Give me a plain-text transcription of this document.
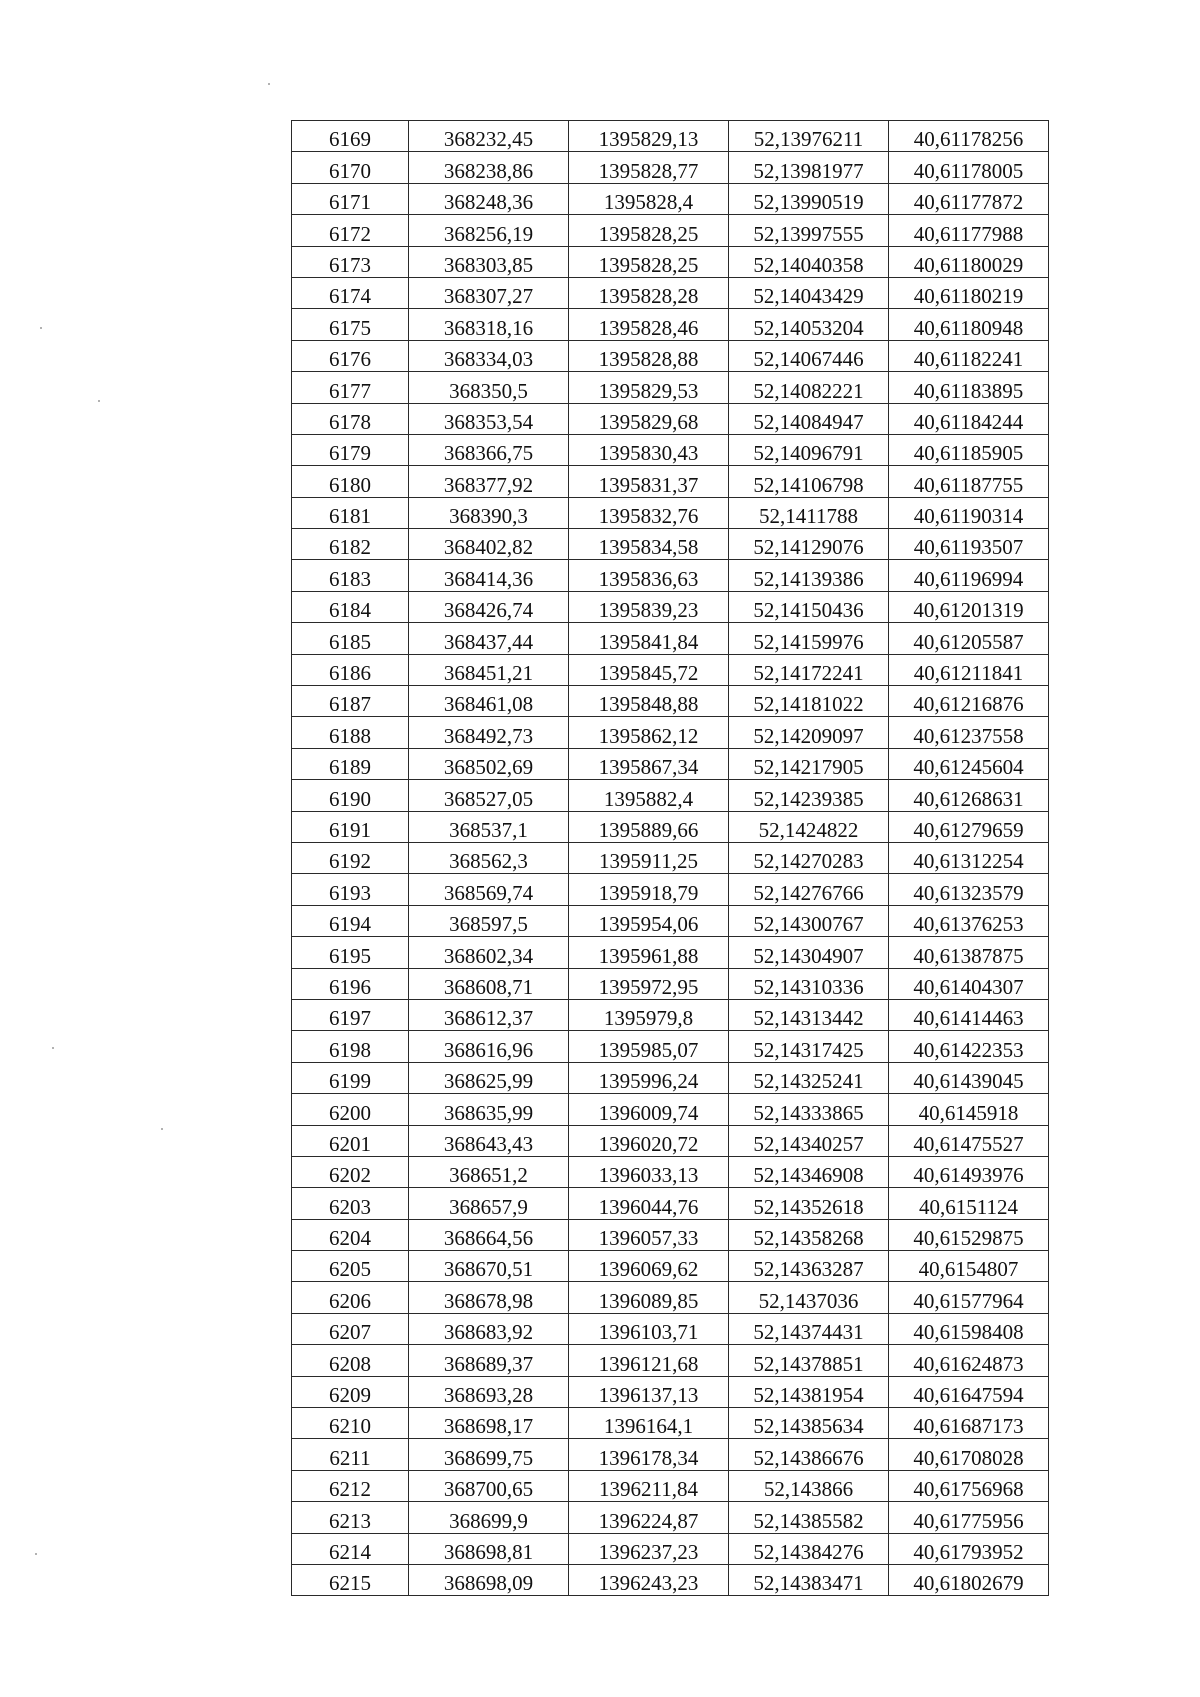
6169	368232,45	1395829,13	52,13976211	40,61178256
6170	368238,86	1395828,77	52,13981977	40,61178005
6171	368248,36	1395828,4	52,13990519	40,61177872
6172	368256,19	1395828,25	52,13997555	40,61177988
6173	368303,85	1395828,25	52,14040358	40,61180029
6174	368307,27	1395828,28	52,14043429	40,61180219
6175	368318,16	1395828,46	52,14053204	40,61180948
6176	368334,03	1395828,88	52,14067446	40,61182241
6177	368350,5	1395829,53	52,14082221	40,61183895
6178	368353,54	1395829,68	52,14084947	40,61184244
6179	368366,75	1395830,43	52,14096791	40,61185905
6180	368377,92	1395831,37	52,14106798	40,61187755
6181	368390,3	1395832,76	52,1411788	40,61190314
6182	368402,82	1395834,58	52,14129076	40,61193507
6183	368414,36	1395836,63	52,14139386	40,61196994
6184	368426,74	1395839,23	52,14150436	40,61201319
6185	368437,44	1395841,84	52,14159976	40,61205587
6186	368451,21	1395845,72	52,14172241	40,61211841
6187	368461,08	1395848,88	52,14181022	40,61216876
6188	368492,73	1395862,12	52,14209097	40,61237558
6189	368502,69	1395867,34	52,14217905	40,61245604
6190	368527,05	1395882,4	52,14239385	40,61268631
6191	368537,1	1395889,66	52,1424822	40,61279659
6192	368562,3	1395911,25	52,14270283	40,61312254
6193	368569,74	1395918,79	52,14276766	40,61323579
6194	368597,5	1395954,06	52,14300767	40,61376253
6195	368602,34	1395961,88	52,14304907	40,61387875
6196	368608,71	1395972,95	52,14310336	40,61404307
6197	368612,37	1395979,8	52,14313442	40,61414463
6198	368616,96	1395985,07	52,14317425	40,61422353
6199	368625,99	1395996,24	52,14325241	40,61439045
6200	368635,99	1396009,74	52,14333865	40,6145918
6201	368643,43	1396020,72	52,14340257	40,61475527
6202	368651,2	1396033,13	52,14346908	40,61493976
6203	368657,9	1396044,76	52,14352618	40,6151124
6204	368664,56	1396057,33	52,14358268	40,61529875
6205	368670,51	1396069,62	52,14363287	40,6154807
6206	368678,98	1396089,85	52,1437036	40,61577964
6207	368683,92	1396103,71	52,14374431	40,61598408
6208	368689,37	1396121,68	52,14378851	40,61624873
6209	368693,28	1396137,13	52,14381954	40,61647594
6210	368698,17	1396164,1	52,14385634	40,61687173
6211	368699,75	1396178,34	52,14386676	40,61708028
6212	368700,65	1396211,84	52,143866	40,61756968
6213	368699,9	1396224,87	52,14385582	40,61775956
6214	368698,81	1396237,23	52,14384276	40,61793952
6215	368698,09	1396243,23	52,14383471	40,61802679
